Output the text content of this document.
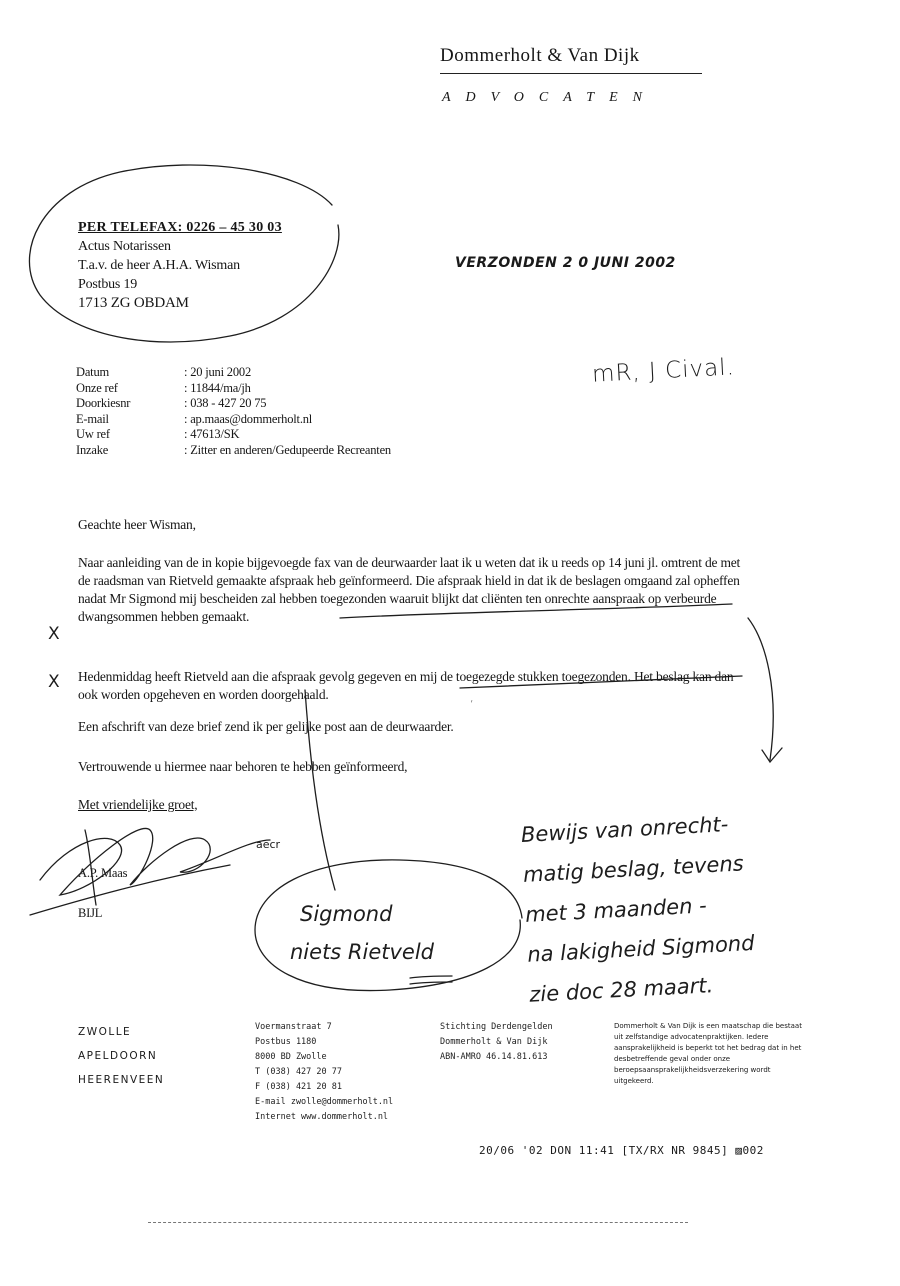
Dommerholt & Van Dijk
ADVOCATEN
PER TELEFAX: 0226 – 45 30 03
Actus Notarissen
T.a.v. de heer A.H.A. Wisman
Postbus 19
1713 ZG OBDAM
VERZONDEN 2 0 JUNI 2002
Datum	: 20 juni 2002
Onze ref	: 11844/ma/jh
Doorkiesnr	: 038 - 427 20 75
E-mail	: ap.maas@dommerholt.nl
Uw ref	: 47613/SK
Inzake	: Zitter en anderen/Gedupeerde Recreanten
Geachte heer Wisman,
Naar aanleiding van de in kopie bijgevoegde fax van de deurwaarder laat ik u weten dat ik u reeds op 14 juni jl. omtrent de met de raadsman van Rietveld gemaakte afspraak heb geïnformeerd. Die afspraak hield in dat ik de beslagen omgaand zal opheffen nadat Mr Sigmond mij bescheiden zal hebben toegezonden waaruit blijkt dat cliënten ten onrechte aanspraak op verbeurde dwangsommen hebben gemaakt.
Hedenmiddag heeft Rietveld aan die afspraak gevolg gegeven en mij de toegezegde stukken toegezonden. Het beslag kan dan ook worden opgeheven en worden doorgehaald.
Een afschrift van deze brief zend ik per gelijke post aan de deurwaarder.
Vertrouwende u hiermee naar behoren te hebben geïnformeerd,
Met vriendelijke groet,
A.P. Maas
BIJL
aecr
mR, J Cival.
X
X
,
Bewijs van onrecht-
matig beslag, tevens
met 3 maanden -
na lakigheid Sigmond
zie doc 28 maart.
Sigmond
niets Rietveld
ZWOLLE
APELDOORN
HEERENVEEN
Voermanstraat 7
Postbus 1180
8000 BD Zwolle
T (038) 427 20 77
F (038) 421 20 81
E-mail zwolle@dommerholt.nl
Internet www.dommerholt.nl
Stichting Derdengelden
Dommerholt & Van Dijk
ABN-AMRO 46.14.81.613
Dommerholt & Van Dijk is een maatschap die bestaat uit zelfstandige advocatenpraktijken. Iedere aansprakelijkheid is beperkt tot het bedrag dat in het desbetreffende geval onder onze beroepsaansprakelijkheidsverzekering wordt uitgekeerd.
20/06 '02 DON 11:41 [TX/RX NR 9845] ▨002
